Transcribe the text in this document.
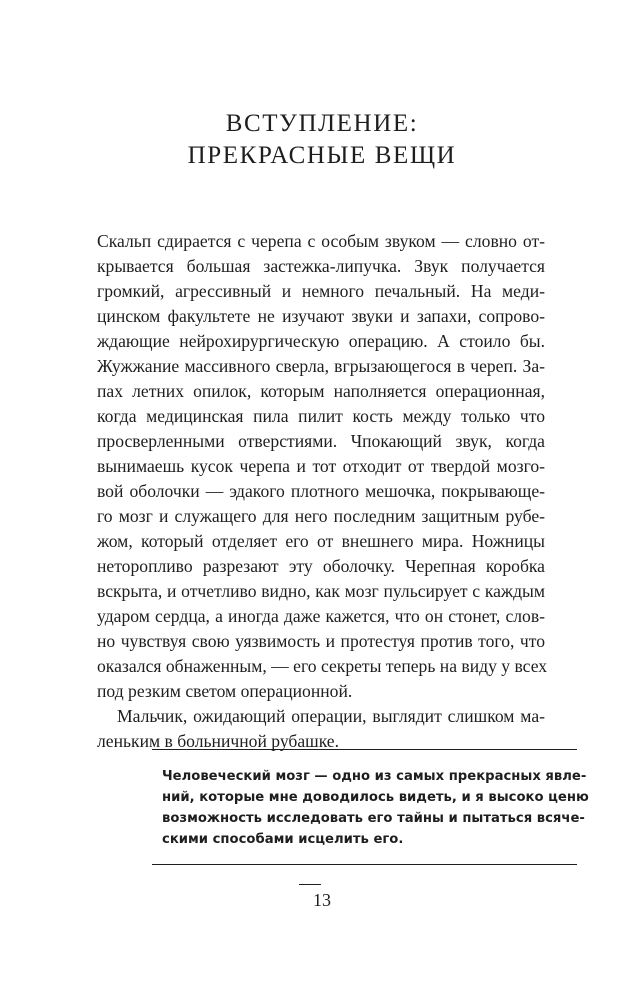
ВСТУПЛЕНИЕ:
ПРЕКРАСНЫЕ ВЕЩИ
Скальп сдирается с черепа с особым звуком — словно от-
крывается большая застежка-липучка. Звук получается
громкий, агрессивный и немного печальный. На меди-
цинском факультете не изучают звуки и запахи, сопрово-
ждающие нейрохирургическую операцию. А стоило бы.
Жужжание массивного сверла, вгрызающегося в череп. За-
пах летних опилок, которым наполняется операционная,
когда медицинская пила пилит кость между только что
просверленными отверстиями. Чпокающий звук, когда
вынимаешь кусок черепа и тот отходит от твердой мозго-
вой оболочки — эдакого плотного мешочка, покрывающе-
го мозг и служащего для него последним защитным рубе-
жом, который отделяет его от внешнего мира. Ножницы
неторопливо разрезают эту оболочку. Черепная коробка
вскрыта, и отчетливо видно, как мозг пульсирует с каждым
ударом сердца, а иногда даже кажется, что он стонет, слов-
но чувствуя свою уязвимость и протестуя против того, что
оказался обнаженным, — его секреты теперь на виду у всех
под резким светом операционной.
Мальчик, ожидающий операции, выглядит слишком ма-
леньким в больничной рубашке.
Человеческий мозг — одно из самых прекрасных явле-
ний, которые мне доводилось видеть, и я высоко ценю
возможность исследовать его тайны и пытаться всяче-
скими способами исцелить его.
13
